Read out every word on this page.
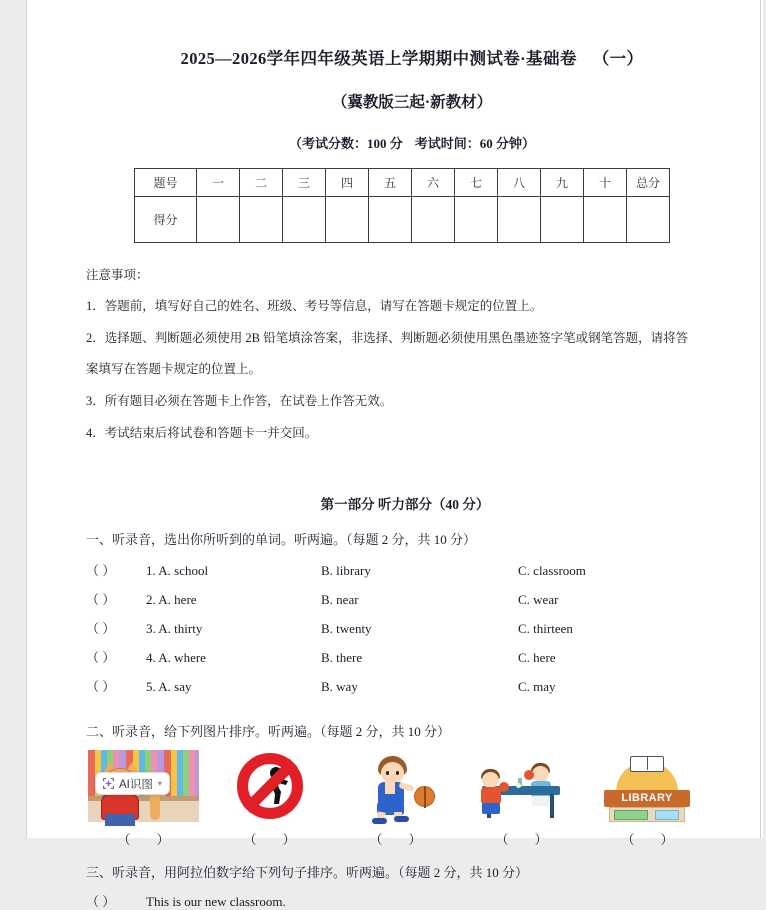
2025—2026学年四年级英语上学期期中测试卷·基础卷 （一）
（冀教版三起·新教材）
（考试分数：100 分 考试时间：60 分钟）
题号	一	二	三	四	五	六	七	八	九	十	总分
得分											
注意事项：
1．答题前，填写好自己的姓名、班级、考号等信息，请写在答题卡规定的位置上。
2．选择题、判断题必须使用 2B 铅笔填涂答案，非选择、判断题必须使用黑色墨迹签字笔或钢笔答题，请将答
案填写在答题卡规定的位置上。
3．所有题目必须在答题卡上作答，在试卷上作答无效。
4．考试结束后将试卷和答题卡一并交回。
第一部分 听力部分（40 分）
一、听录音，选出你所听到的单词。听两遍。（每题 2 分，共 10 分）
（ ）	1. A. school	B. library	C. classroom
（ ）	2. A. here	B. near	C. wear
（ ）	3. A. thirty	B. twenty	C. thirteen
（ ）	4. A. where	B. there	C. here
（ ）	5. A. say	B. way	C. may
二、听录音，给下列图片排序。听两遍。（每题 2 分，共 10 分）
（ ）	（ ）	（ ）	（ ）
LIBRARY
（ ）
三、听录音，用阿拉伯数字给下列句子排序。听两遍。（每题 2 分，共 10 分）
（ ）	This is our new classroom.
AI识图 ▾
